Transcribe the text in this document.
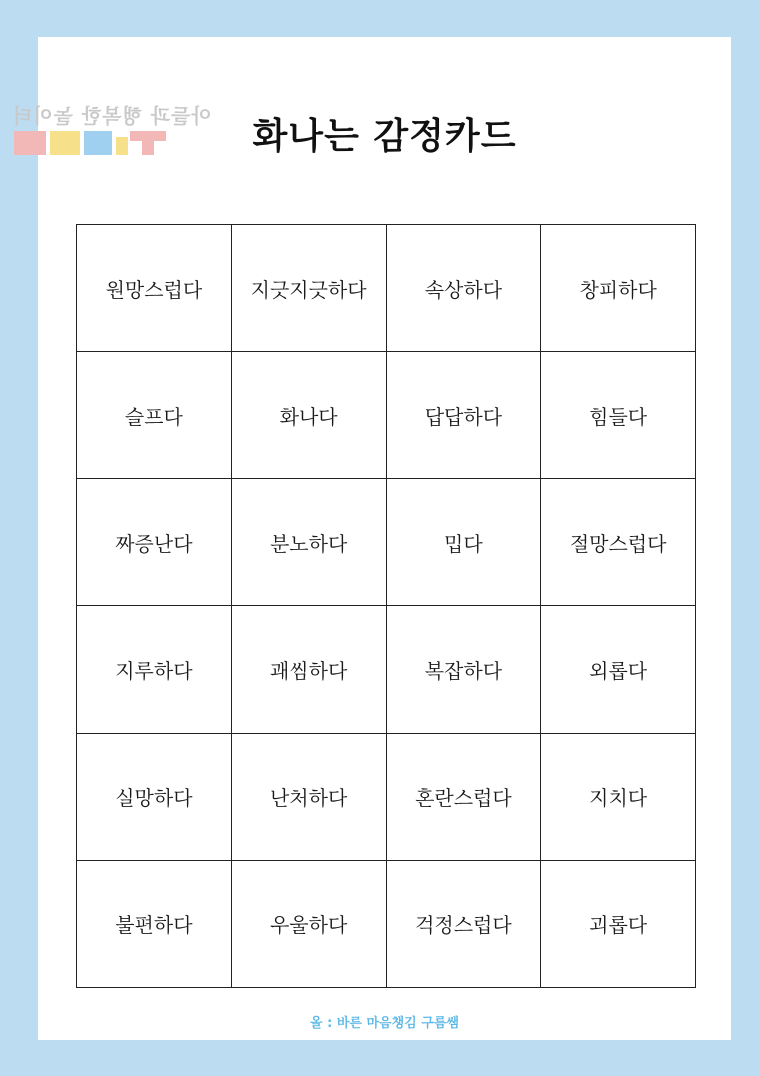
아들과 행복한 놀이터	화나는 감정카드
원망스럽다	지긋지긋하다	속상하다	창피하다
슬프다	화나다	답답하다	힘들다
짜증난다	분노하다	밉다	절망스럽다
지루하다	괘씸하다	복잡하다	외롭다
실망하다	난처하다	혼란스럽다	지치다
불편하다	우울하다	걱정스럽다	괴롭다
올 : 바른 마음챙김 구름쌤
